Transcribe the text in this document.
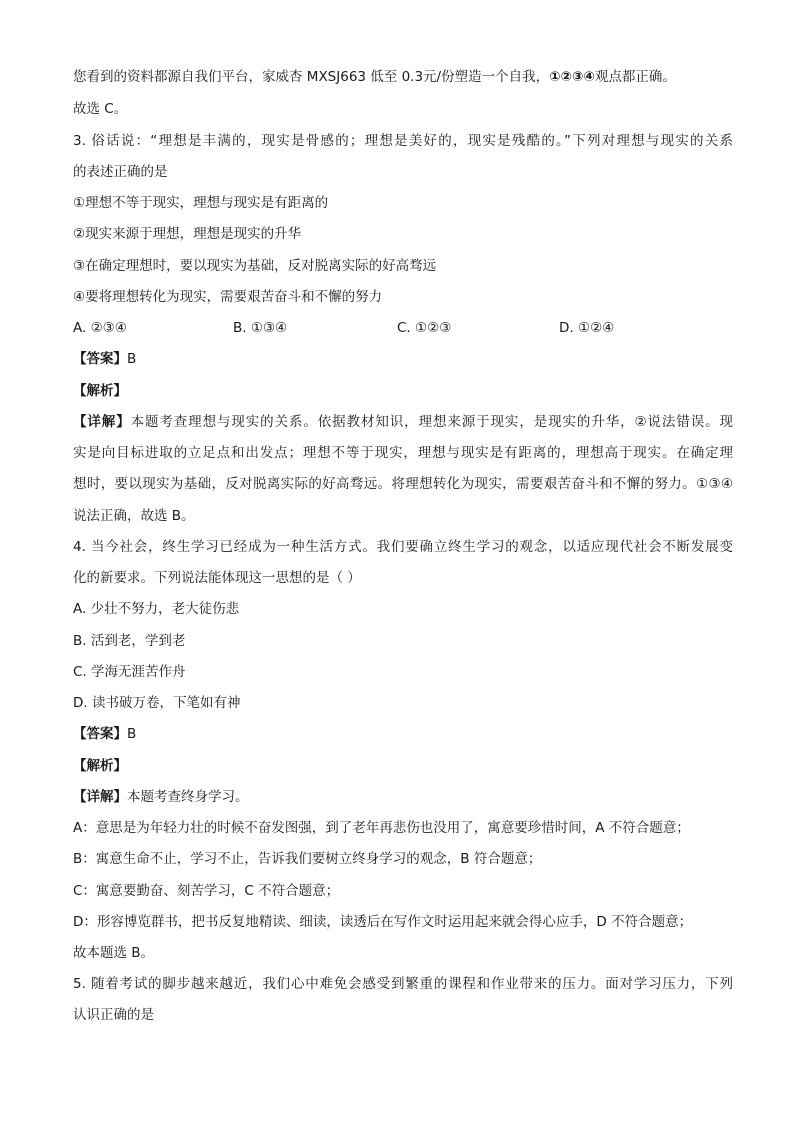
您看到的资料都源自我们平台，家威杏 MXSJ663 低至 0.3元/份塑造一个自我，①②③④观点都正确。
故选 C。
3. 俗话说：“理想是丰满的，现实是骨感的；理想是美好的，现实是残酷的。”下列对理想与现实的关系
的表述正确的是
①理想不等于现实，理想与现实是有距离的
②现实来源于理想，理想是现实的升华
③在确定理想时，要以现实为基础，反对脱离实际的好高骛远
④要将理想转化为现实，需要艰苦奋斗和不懈的努力
A. ②③④	B. ①③④	C. ①②③	D. ①②④
【答案】B
【解析】
【详解】本题考查理想与现实的关系。依据教材知识，理想来源于现实，是现实的升华，②说法错误。现
实是向目标进取的立足点和出发点；理想不等于现实，理想与现实是有距离的，理想高于现实。在确定理
想时，要以现实为基础，反对脱离实际的好高骛远。将理想转化为现实，需要艰苦奋斗和不懈的努力。①③④
说法正确，故选 B。
4. 当今社会，终生学习已经成为一种生活方式。我们要确立终生学习的观念，以适应现代社会不断发展变
化的新要求。下列说法能体现这一思想的是（ ）
A. 少壮不努力，老大徒伤悲
B. 活到老，学到老
C. 学海无涯苦作舟
D. 读书破万卷，下笔如有神
【答案】B
【解析】
【详解】本题考查终身学习。
A：意思是为年轻力壮的时候不奋发图强，到了老年再悲伤也没用了，寓意要珍惜时间，A 不符合题意；
B：寓意生命不止，学习不止，告诉我们要树立终身学习的观念，B 符合题意；
C：寓意要勤奋、刻苦学习，C 不符合题意；
D：形容博览群书，把书反复地精读、细读，读透后在写作文时运用起来就会得心应手，D 不符合题意；
故本题选 B。
5. 随着考试的脚步越来越近，我们心中难免会感受到繁重的课程和作业带来的压力。面对学习压力，下列
认识正确的是
